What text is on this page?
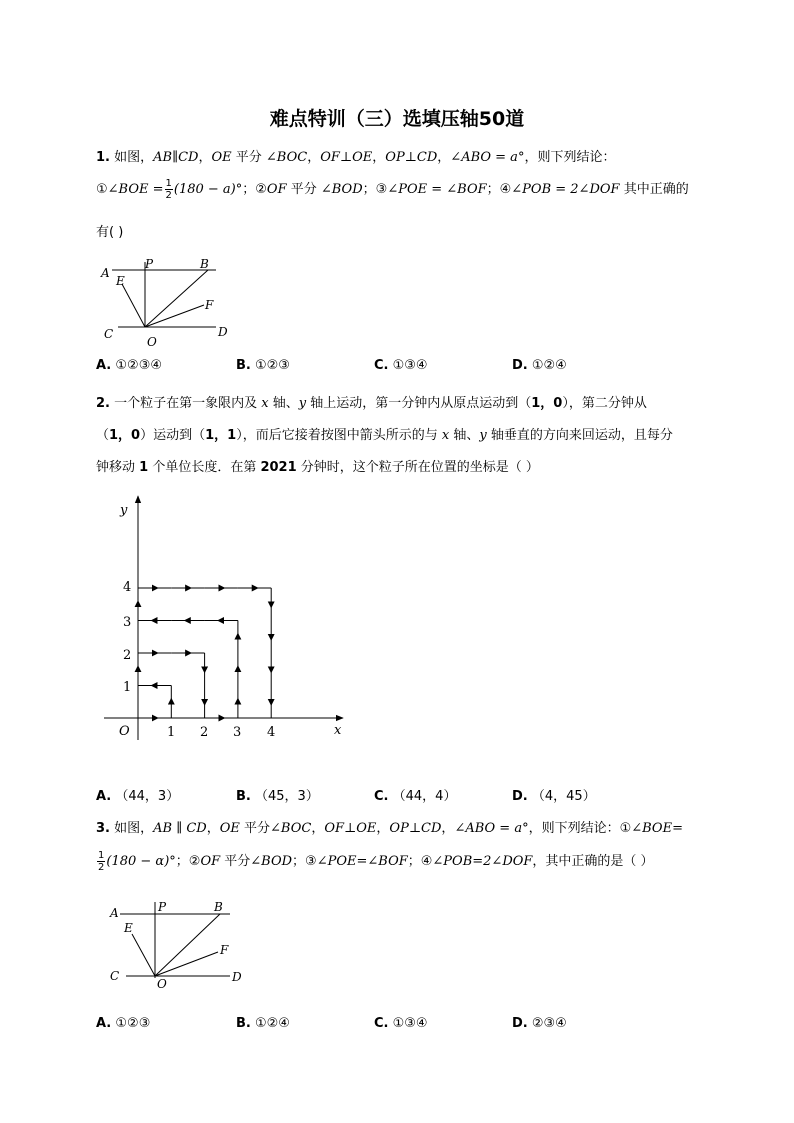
难点特训（三）选填压轴50道
1. 如图，AB∥CD，OE 平分 ∠BOC，OF⊥OE，OP⊥CD，∠ABO = a°，则下列结论：
①∠BOE = $\frac{1}{2} (180 - a)^\circ$；②OF 平分 ∠BOD；③∠POE = ∠BOF；④∠POB = 2∠DOF 其中正确的
有( )
A
E
P	B
F
C
O
D
A. ①②③④	B. ①②③	C. ①③④	D. ①②④
2. 一个粒子在第一象限内及 x 轴、y 轴上运动，第一分钟内从原点运动到（1，0），第二分钟从
（1，0）运动到（1，1），而后它接着按图中箭头所示的与 x 轴、y 轴垂直的方向来回运动，且每分
钟移动 1 个单位长度．在第 2021 分钟时，这个粒子所在位置的坐标是（ ）
y
x
O	1 2 3 4
1
2
3
4
A. （44，3）	B. （45，3）	C. （44，4）	D. （4，45）
3. 如图，AB ∥ CD，OE 平分∠BOC，OF⊥OE，OP⊥CD，∠ABO = a°，则下列结论：①∠BOE=
$\frac{1}{2} (180 - \alpha)^\circ$；②OF 平分∠BOD；③∠POE=∠BOF；④∠POB=2∠DOF，其中正确的是（ ）
A
E
P	B
F
C
O	D
A. ①②③	B. ①②④	C. ①③④	D. ②③④
